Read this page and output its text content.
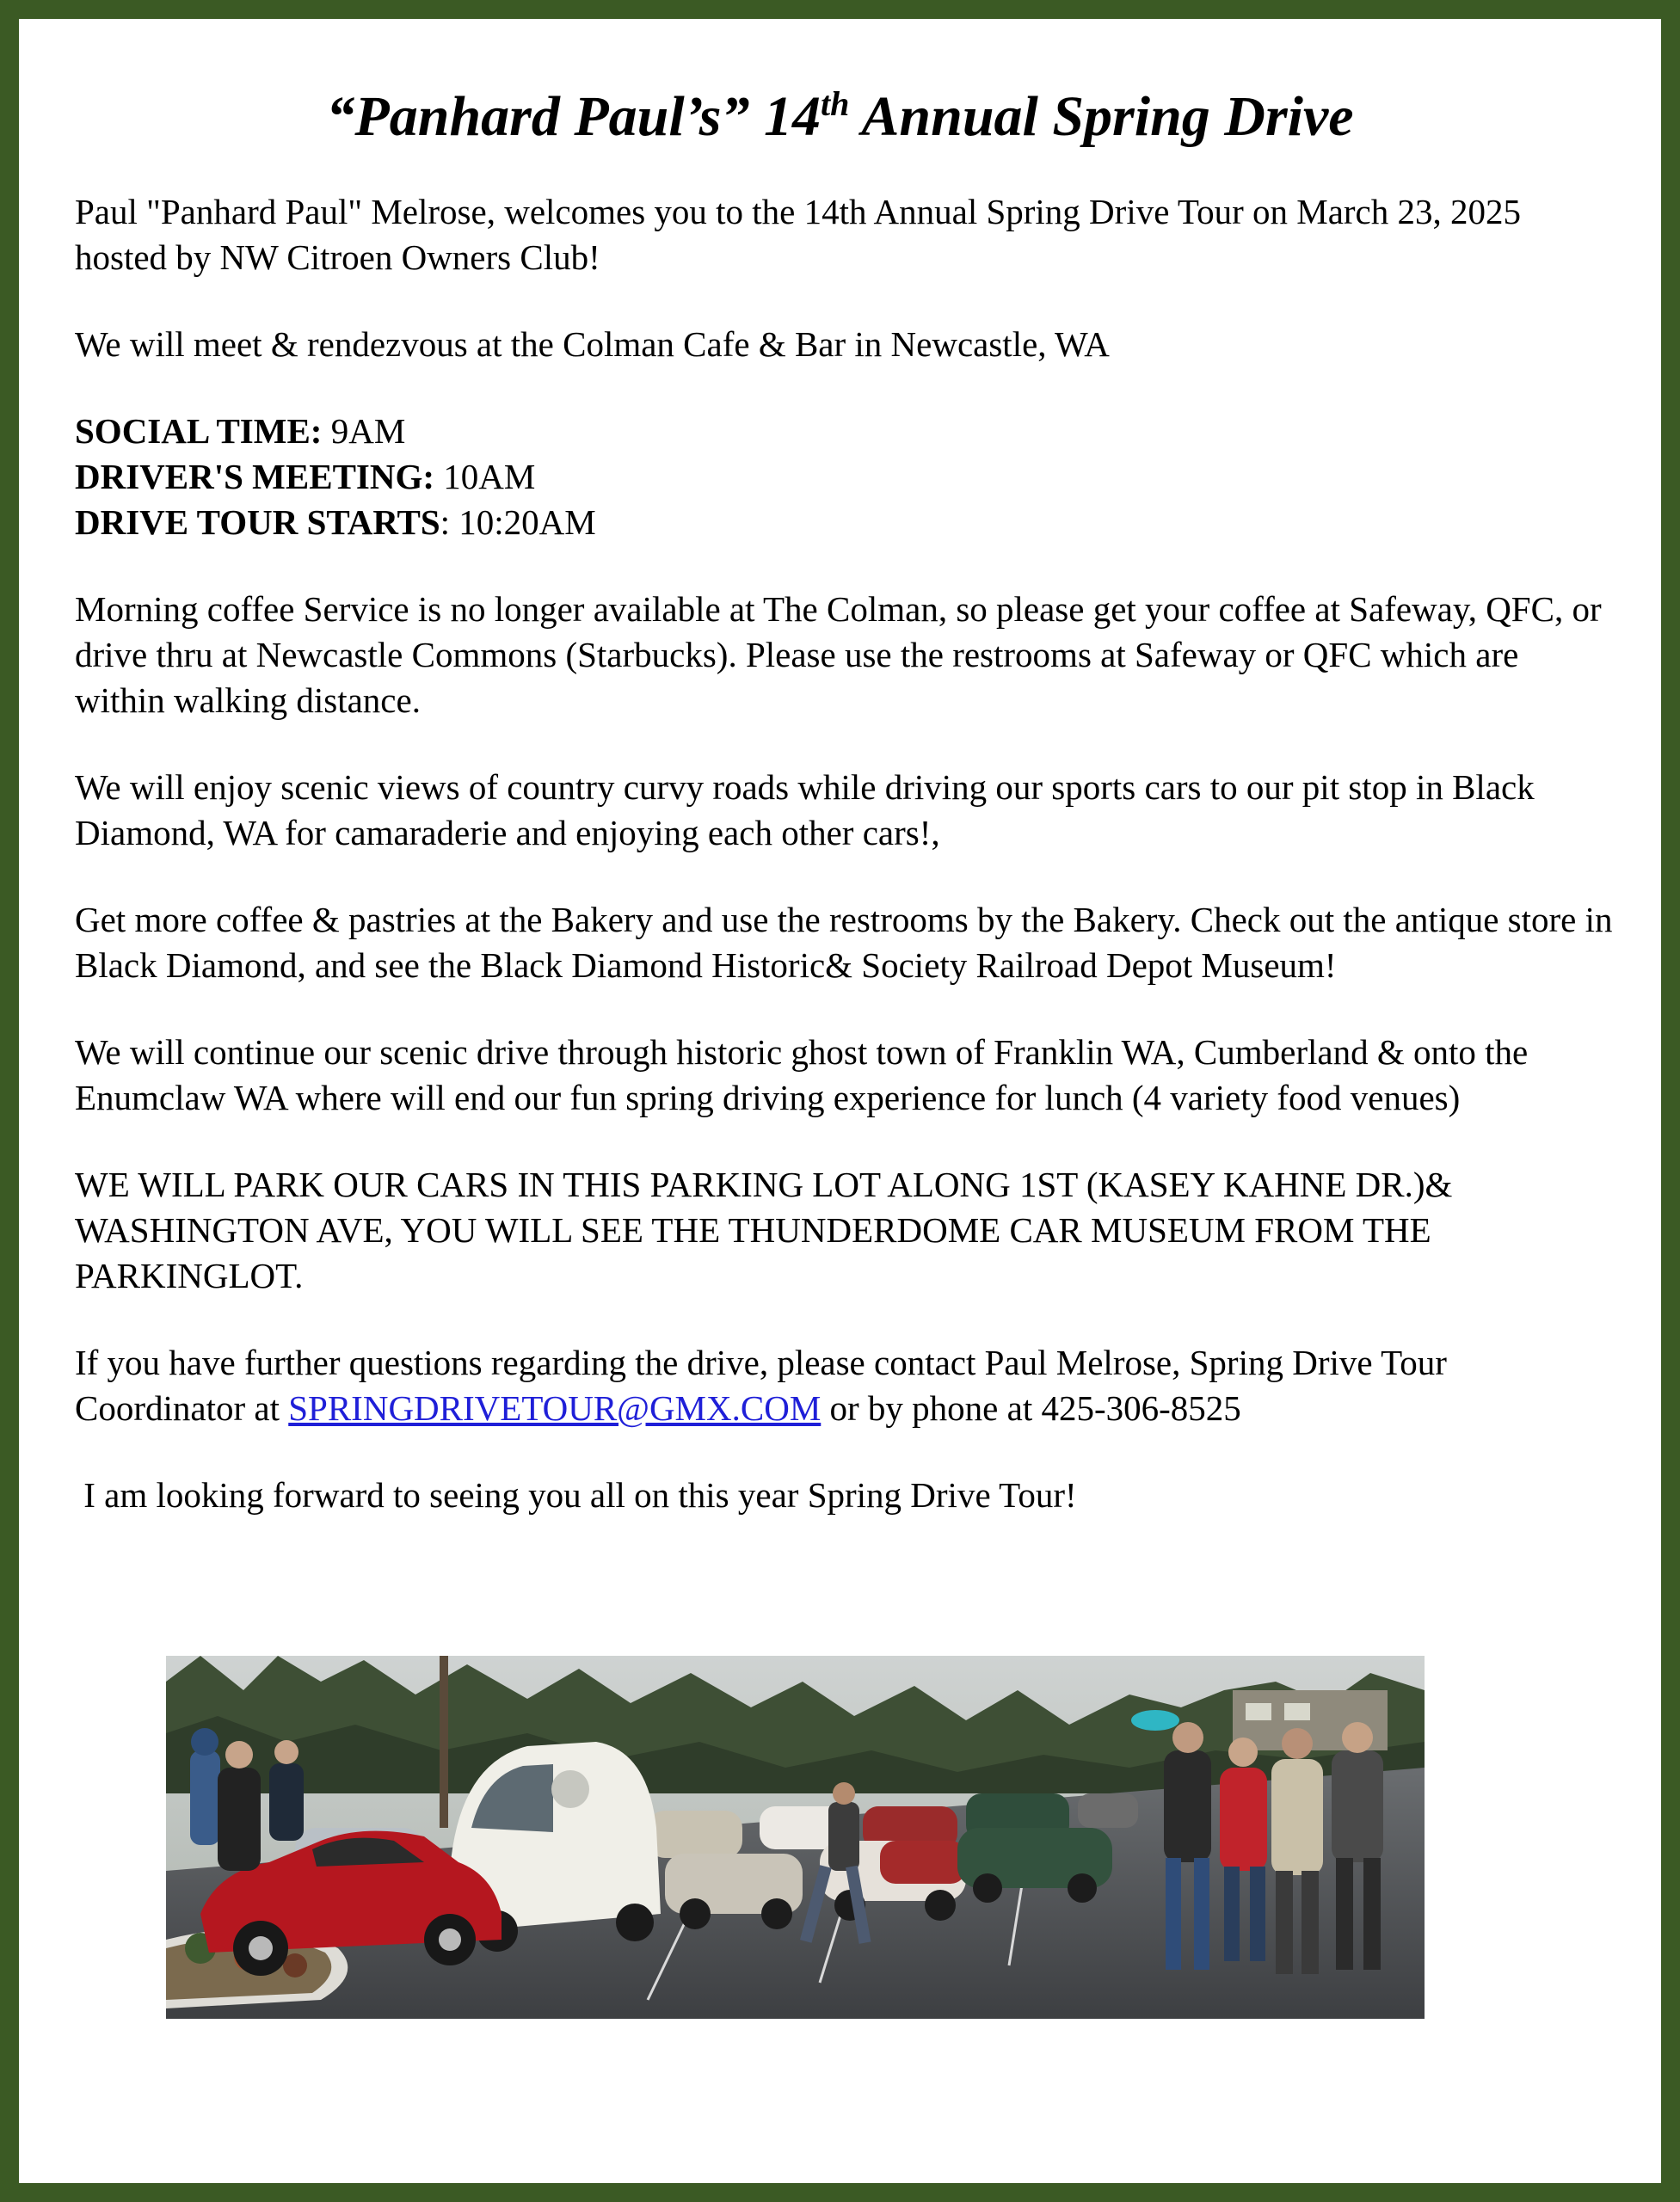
“Panhard Paul’s” 14th Annual Spring Drive

Paul "Panhard Paul" Melrose, welcomes you to the 14th Annual Spring Drive Tour on March 23, 2025 hosted by NW Citroen Owners Club!

We will meet & rendezvous at the Colman Cafe & Bar in Newcastle, WA

SOCIAL TIME: 9AM

DRIVER'S MEETING: 10AM

DRIVE TOUR STARTS: 10:20AM

Morning coffee Service is no longer available at The Colman, so please get your coffee at Safeway, QFC, or drive thru at Newcastle Commons (Starbucks). Please use the restrooms at Safeway or QFC which are within walking distance.

We will enjoy scenic views of country curvy roads while driving our sports cars to our pit stop in Black Diamond, WA for camaraderie and enjoying each other cars!,

Get more coffee & pastries at the Bakery and use the restrooms by the Bakery. Check out the antique store in Black Diamond, and see the Black Diamond Historic& Society Railroad Depot Museum!

We will continue our scenic drive through historic ghost town of Franklin WA, Cumberland & onto the Enumclaw WA where will end our fun spring driving experience for lunch (4 variety food venues)

WE WILL PARK OUR CARS IN THIS PARKING LOT ALONG 1ST (KASEY KAHNE DR.)& WASHINGTON AVE, YOU WILL SEE THE THUNDERDOME CAR MUSEUM FROM THE PARKINGLOT.

If you have further questions regarding the drive, please contact Paul Melrose, Spring Drive Tour Coordinator at SPRINGDRIVETOUR@GMX.COM or by phone at 425-306-8525

I am looking forward to seeing you all on this year Spring Drive Tour!
